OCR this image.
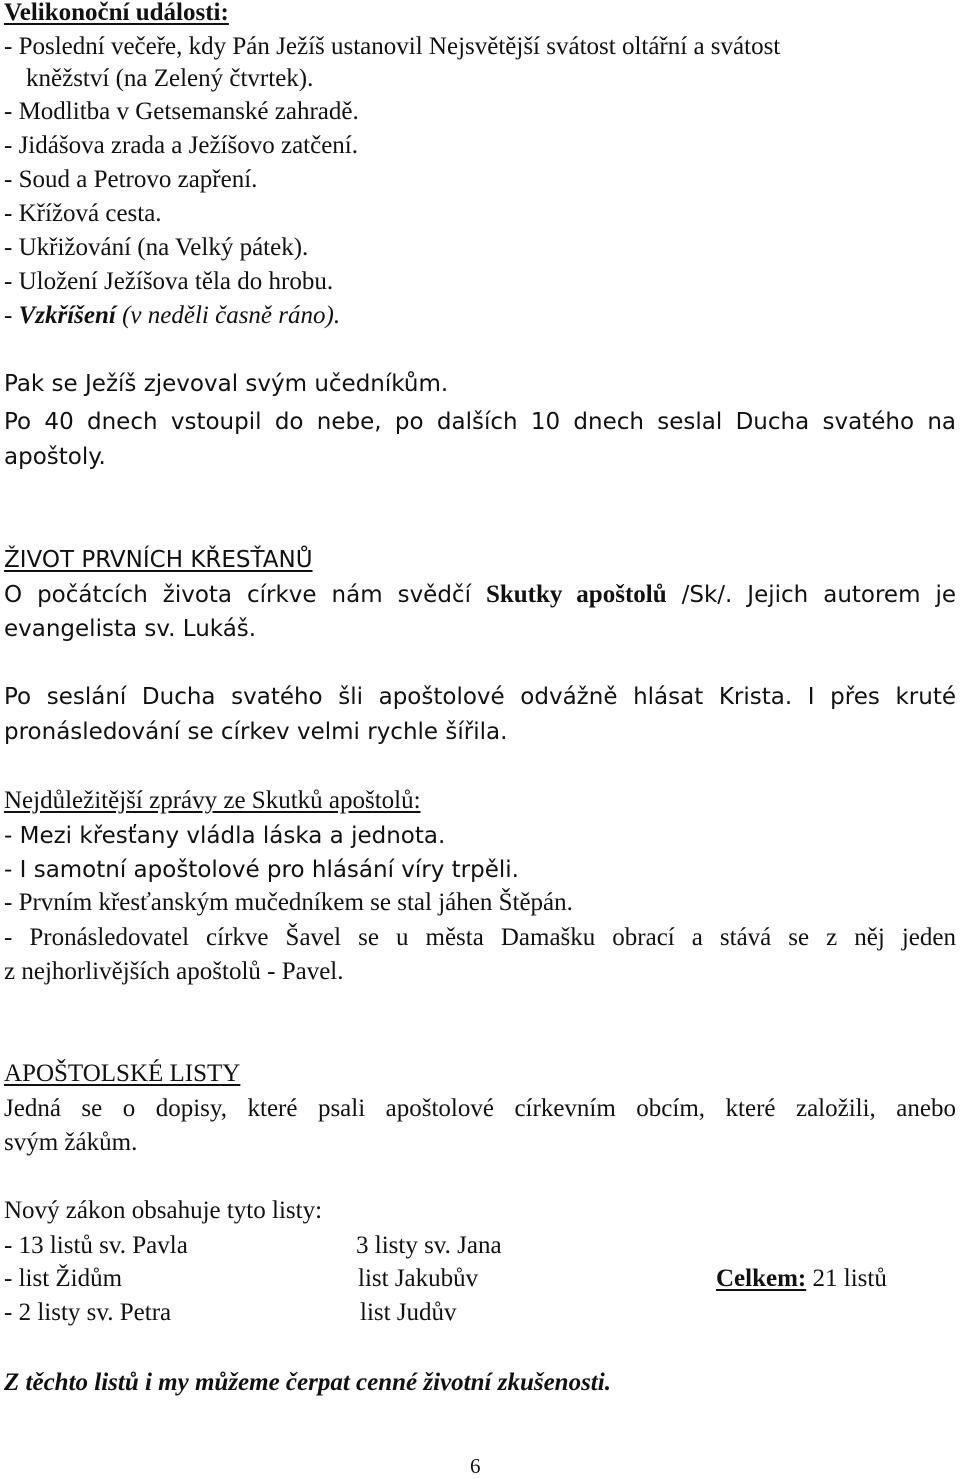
Velikonoční události:
- Poslední večeře, kdy Pán Ježíš ustanovil Nejsvětější svátost oltářní a svátost
kněžství (na Zelený čtvrtek).
- Modlitba v Getsemanské zahradě.
- Jidášova zrada a Ježíšovo zatčení.
- Soud a Petrovo zapření.
- Křížová cesta.
- Ukřižování (na Velký pátek).
- Uložení Ježíšova těla do hrobu.
- Vzkříšení (v neděli časně ráno).
Pak se Ježíš zjevoval svým učedníkům.
Po 40 dnech vstoupil do nebe, po dalších 10 dnech seslal Ducha svatého na
apoštoly.
ŽIVOT PRVNÍCH KŘESŤANŮ
O počátcích života církve nám svědčí Skutky apoštolů /Sk/. Jejich autorem je
evangelista sv. Lukáš.
Po seslání Ducha svatého šli apoštolové odvážně hlásat Krista. I přes kruté
pronásledování se církev velmi rychle šířila.
Nejdůležitější zprávy ze Skutků apoštolů:
- Mezi křesťany vládla láska a jednota.
- I samotní apoštolové pro hlásání víry trpěli.
- Prvním křesťanským mučedníkem se stal jáhen Štěpán.
- Pronásledovatel církve Šavel se u města Damašku obrací a stává se z něj jeden
z nejhorlivějších apoštolů - Pavel.
APOŠTOLSKÉ LISTY
Jedná se o dopisy, které psali apoštolové církevním obcím, které založili, anebo
svým žákům.
Nový zákon obsahuje tyto listy:
- 13 listů sv. Pavla
- list Židům
- 2 listy sv. Petra
3 listy sv. Jana
list Jakubův
list Judův
Celkem: 21 listů
Z těchto listů i my můžeme čerpat cenné životní zkušenosti.
6
